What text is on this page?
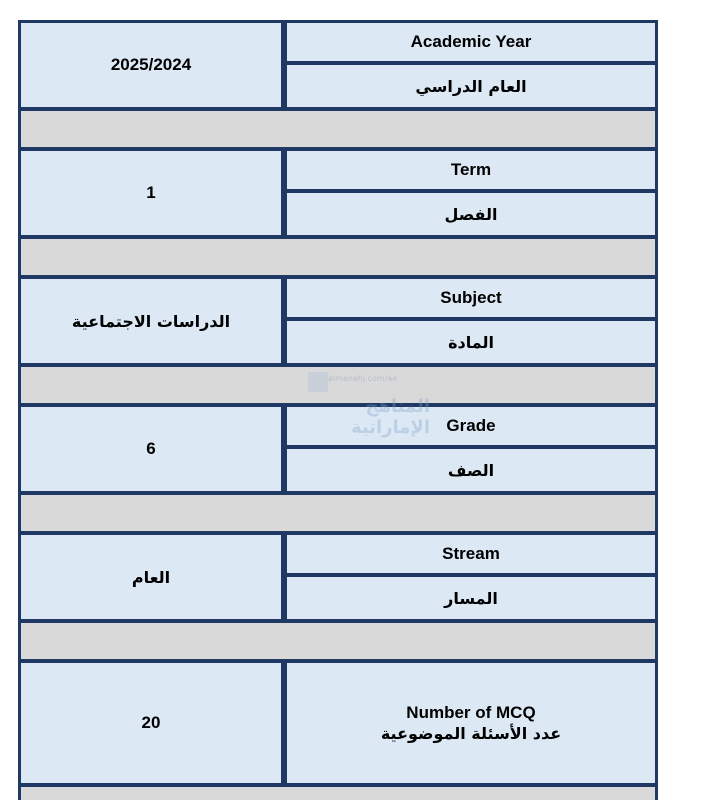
2025/2024
Academic Year
العام الدراسي
1
Term
الفصل
الدراسات الاجتماعية
Subject
المادة
6
Grade
الصف
العام
Stream
المسار
20
Number of MCQ
عدد الأسئلة الموضوعية
almanahj.com/ae
المناهج الإماراتية
